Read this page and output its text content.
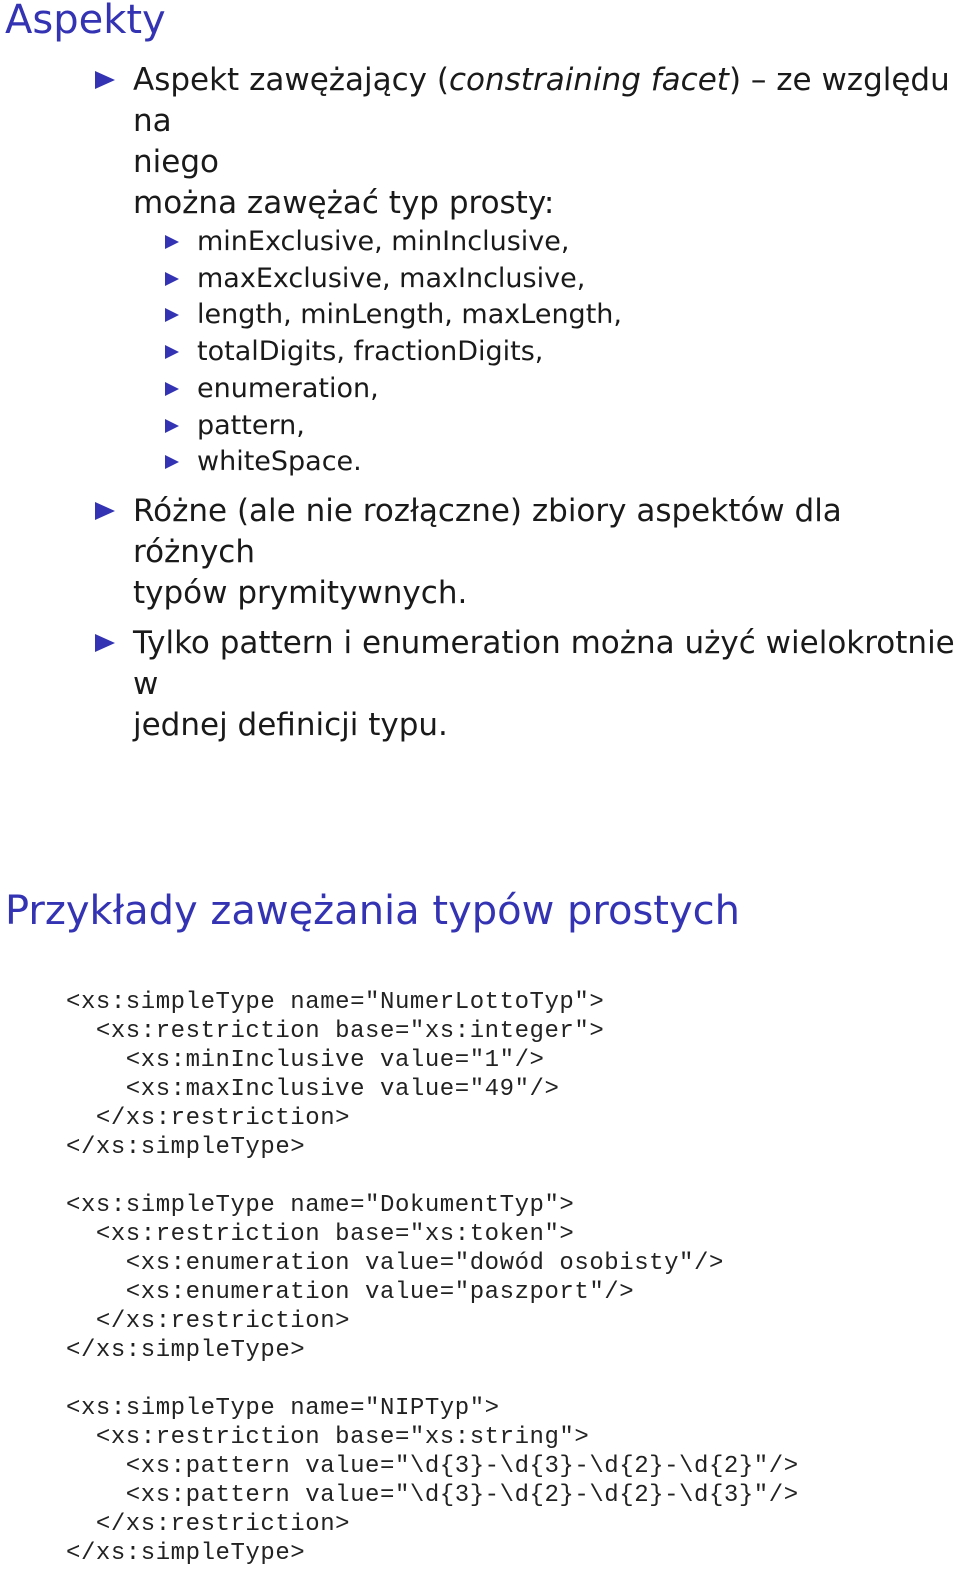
Aspekty
Aspekt zawężający (constraining facet) – ze względu na
niego
można zawężać typ prosty:
minExclusive, minInclusive,
maxExclusive, maxInclusive,
length, minLength, maxLength,
totalDigits, fractionDigits,
enumeration,
pattern,
whiteSpace.
Różne (ale nie rozłączne) zbiory aspektów dla różnych
typów prymitywnych.
Tylko pattern i enumeration można użyć wielokrotnie w
jednej definicji typu.
Przykłady zawężania typów prostych
<xs:simpleType name="NumerLottoTyp">
<xs:restriction base="xs:integer">
<xs:minInclusive value="1"/>
<xs:maxInclusive value="49"/>
</xs:restriction>
</xs:simpleType>

<xs:simpleType name="DokumentTyp">
<xs:restriction base="xs:token">
<xs:enumeration value="dowód osobisty"/>
<xs:enumeration value="paszport"/>
</xs:restriction>
</xs:simpleType>

<xs:simpleType name="NIPTyp">
<xs:restriction base="xs:string">
<xs:pattern value="\d{3}-\d{3}-\d{2}-\d{2}"/>
<xs:pattern value="\d{3}-\d{2}-\d{2}-\d{3}"/>
</xs:restriction>
</xs:simpleType>
